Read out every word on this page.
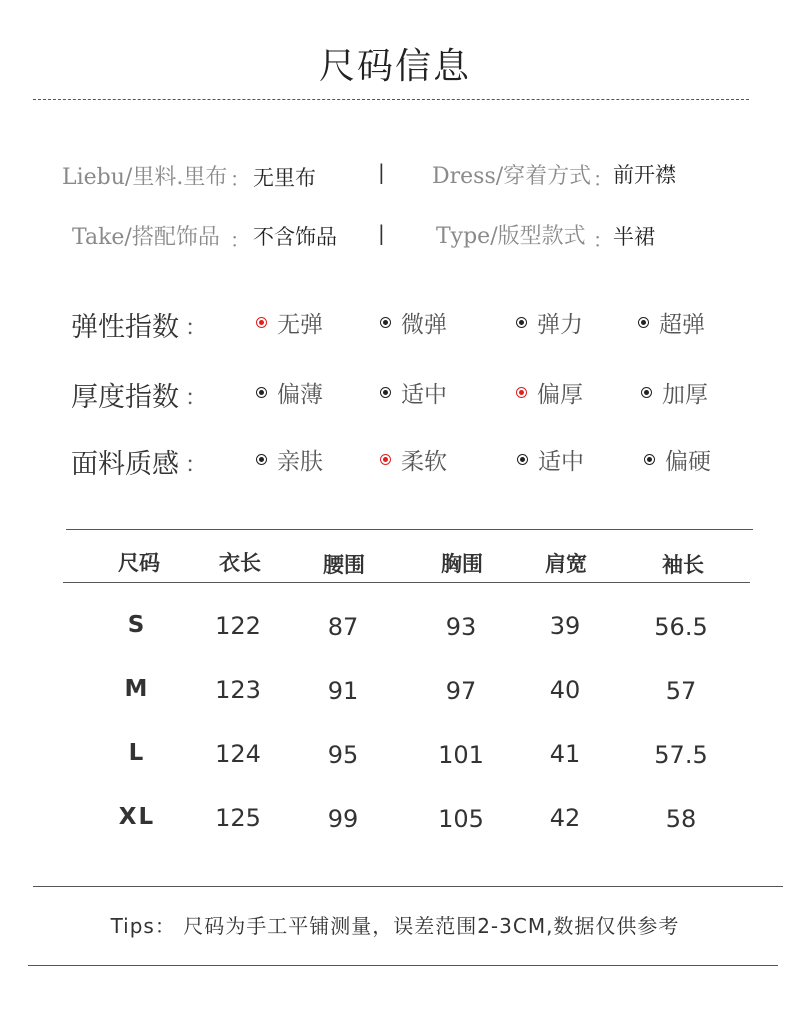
尺码信息
Liebu/里料.里布 ： 无里布	| Dress/穿着方式 ： 前开襟
Take/搭配饰品 ： 不含饰品 | Type/版型款式 ： 半裙
弹性指数 ：	无弹	微弹	弹力	超弹
厚度指数 ：	偏薄	适中	偏厚	加厚
面料质感 ：	亲肤	柔软	适中	偏硬
尺码	衣长	腰围	胸围	肩宽	袖长
S	122	87	93	39	56.5
M	123	91	97	40	57
L	124	95	101	41	57.5
XL	125	99	105	42	58
Tips： 尺码为手工平铺测量，误差范围2-3CM,数据仅供参考
